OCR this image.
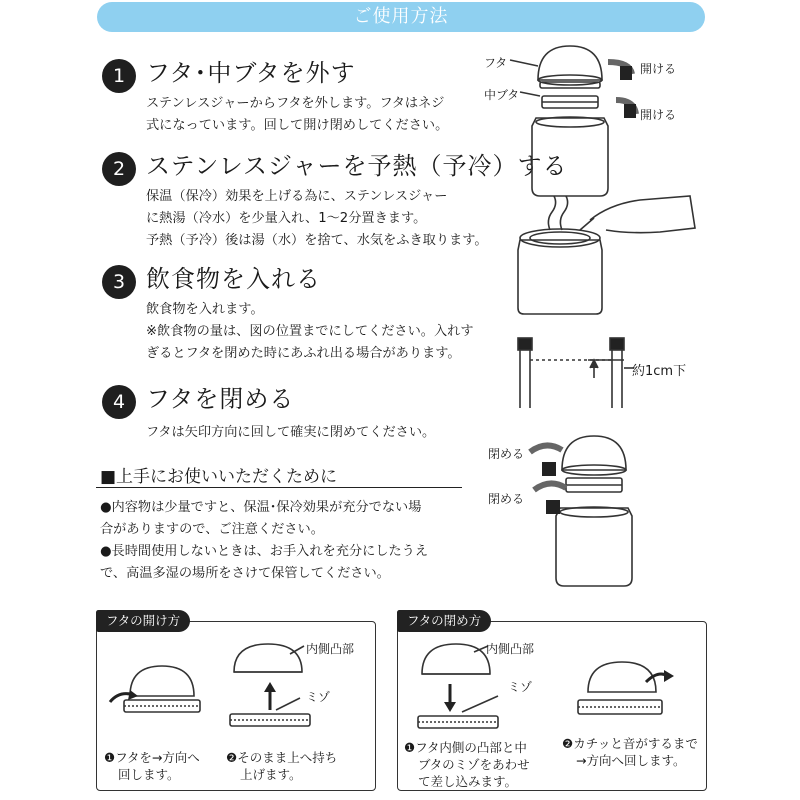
ご使用方法
1 フタ･中ブタを外す
ステンレスジャーからフタを外します。フタはネジ
式になっています。回して開け閉めしてください。
2 ステンレスジャーを予熱（予冷）する
保温（保冷）効果を上げる為に、ステンレスジャー
に熱湯（冷水）を少量入れ、1～2分置きます。
予熱（予冷）後は湯（水）を捨て、水気をふき取ります。
3 飲食物を入れる
飲食物を入れます。
※飲食物の量は、図の位置までにしてください。入れす
ぎるとフタを閉めた時にあふれ出る場合があります。
4 フタを閉める
フタは矢印方向に回して確実に閉めてください。
■上手にお使いいただくために
●内容物は少量ですと、保温･保冷効果が充分でない場
合がありますので、ご注意ください。
●長時間使用しないときは、お手入れを充分にしたうえ
で、高温多湿の場所をさけて保管してください。
フタ
中ブタ
開ける
開ける
約1cm下
閉める
閉める
フタの開け方
内側凸部
ミゾ
❶フタを→方向へ
回します。
❷そのまま上へ持ち
上げます。
フタの閉め方
内側凸部
ミゾ
❶フタ内側の凸部と中
ブタのミゾをあわせ
て差し込みます。
❷カチッと音がするまで
→方向へ回します。
